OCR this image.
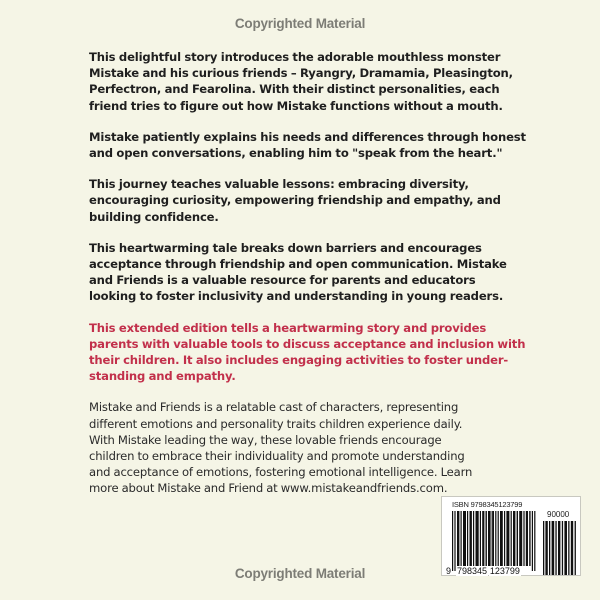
Copyrighted Material

This delightful story introduces the adorable mouthless monster
Mistake and his curious friends – Ryangry, Dramamia, Pleasington,
Perfectron, and Fearolina. With their distinct personalities, each
friend tries to figure out how Mistake functions without a mouth.

Mistake patiently explains his needs and differences through honest
and open conversations, enabling him to "speak from the heart."

This journey teaches valuable lessons: embracing diversity,
encouraging curiosity, empowering friendship and empathy, and
building confidence.

This heartwarming tale breaks down barriers and encourages
acceptance through friendship and open communication. Mistake
and Friends is a valuable resource for parents and educators
looking to foster inclusivity and understanding in young readers.

This extended edition tells a heartwarming story and provides
parents with valuable tools to discuss acceptance and inclusion with
their children. It also includes engaging activities to foster under-
standing and empathy.

Mistake and Friends is a relatable cast of characters, representing
different emotions and personality traits children experience daily.
With Mistake leading the way, these lovable friends encourage
children to embrace their individuality and promote understanding
and acceptance of emotions, fostering emotional intelligence. Learn
more about Mistake and Friend at www.mistakeandfriends.com.

ISBN 9798345123799
90000
9 798345  123799
Copyrighted Material
